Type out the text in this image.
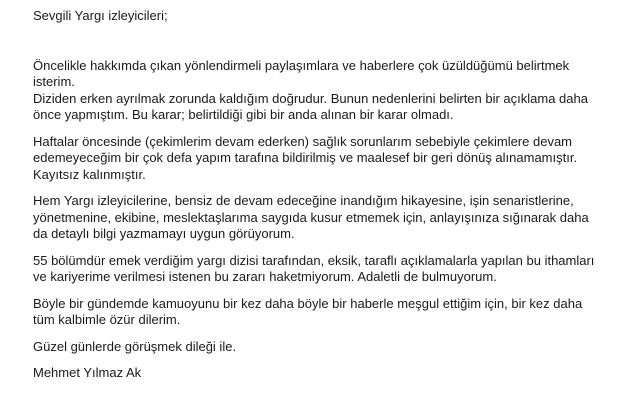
Sevgili Yargı izleyicileri;
Öncelikle hakkımda çıkan yönlendirmeli paylaşımlara ve haberlere çok üzüldüğümü belirtmek
isterim.
Diziden erken ayrılmak zorunda kaldığım doğrudur. Bunun nedenlerini belirten bir açıklama daha
önce yapmıştım. Bu karar; belirtildiği gibi bir anda alınan bir karar olmadı.
Haftalar öncesinde (çekimlerim devam ederken) sağlık sorunlarım sebebiyle çekimlere devam
edemeyeceğim bir çok defa yapım tarafına bildirilmiş ve maalesef bir geri dönüş alınamamıştır.
Kayıtsız kalınmıştır.
Hem Yargı izleyicilerine, bensiz de devam edeceğine inandığım hikayesine, işin senaristlerine,
yönetmenine, ekibine, meslektaşlarıma saygıda kusur etmemek için, anlayışınıza sığınarak daha
da detaylı bilgi yazmamayı uygun görüyorum.
55 bölümdür emek verdiğim yargı dizisi tarafından, eksik, taraflı açıklamalarla yapılan bu ithamları
ve kariyerime verilmesi istenen bu zararı haketmiyorum. Adaletli de bulmuyorum.
Böyle bir gündemde kamuoyunu bir kez daha böyle bir haberle meşgul ettiğim için, bir kez daha
tüm kalbimle özür dilerim.
Güzel günlerde görüşmek dileği ile.
Mehmet Yılmaz Ak
